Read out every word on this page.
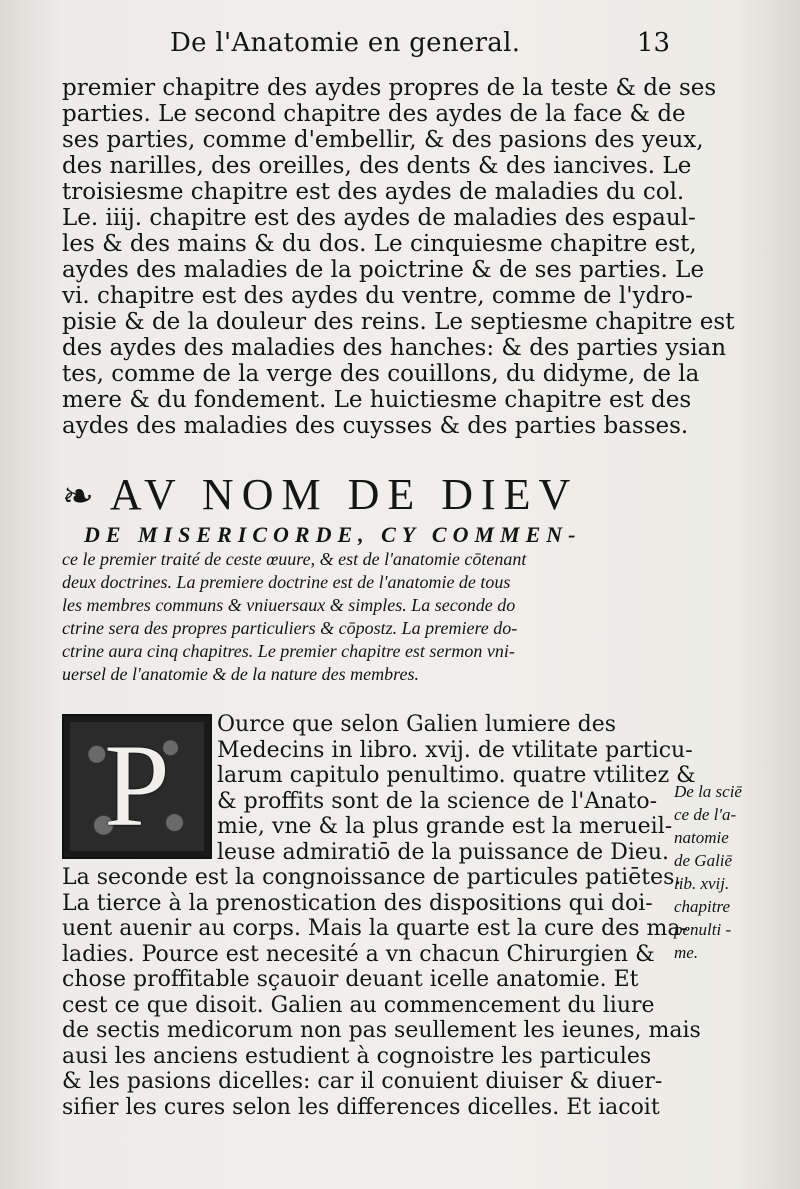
De l'Anatomie en general.	13
premier chapitre des aydes propres de la teste & de ses
parties. Le second chapitre des aydes de la face & de
ses parties, comme d'embellir, & des pasions des yeux,
des narilles, des oreilles, des dents & des iancives. Le
troisiesme chapitre est des aydes de maladies du col.
Le. iiij. chapitre est des aydes de maladies des espaul-
les & des mains & du dos. Le cinquiesme chapitre est,
aydes des maladies de la poictrine & de ses parties. Le
vi. chapitre est des aydes du ventre, comme de l'ydro-
pisie & de la douleur des reins. Le septiesme chapitre est
des aydes des maladies des hanches: & des parties ysian
tes, comme de la verge des couillons, du didyme, de la
mere & du fondement. Le huictiesme chapitre est des
aydes des maladies des cuysses & des parties basses.
❧ AV NOM DE DIEV
DE MISERICORDE, CY COMMEN-
ce le premier traité de ceste œuure, & est de l'anatomie cōtenant
deux doctrines. La premiere doctrine est de l'anatomie de tous
les membres communs & vniuersaux & simples. La seconde do
ctrine sera des propres particuliers & cōpostz. La premiere do-
ctrine aura cinq chapitres. Le premier chapitre est sermon vni-
uersel de l'anatomie & de la nature des membres.
P	Ource que selon Galien lumiere des
Medecins in libro. xvij. de vtilitate particu-
larum capitulo penultimo. quatre vtilitez &
& proffits sont de la science de l'Anato-
mie, vne & la plus grande est la merueil-
leuse admiratiō de la puissance de Dieu.
La seconde est la congnoissance de particules patiētes.
La tierce à la prenostication des dispositions qui doi-
uent auenir au corps. Mais la quarte est la cure des ma-
ladies. Pource est necesité a vn chacun Chirurgien &
chose proffitable sçauoir deuant icelle anatomie. Et
cest ce que disoit. Galien au commencement du liure
de sectis medicorum non pas seullement les ieunes, mais
ausi les anciens estudient à cognoistre les particules
& les pasions dicelles: car il conuient diuiser & diuer-
sifier les cures selon les differences dicelles. Et iacoit
De la sciē
ce de l'a-
natomie
de Galiē
lib. xvij.
chapitre
penulti -
me.
